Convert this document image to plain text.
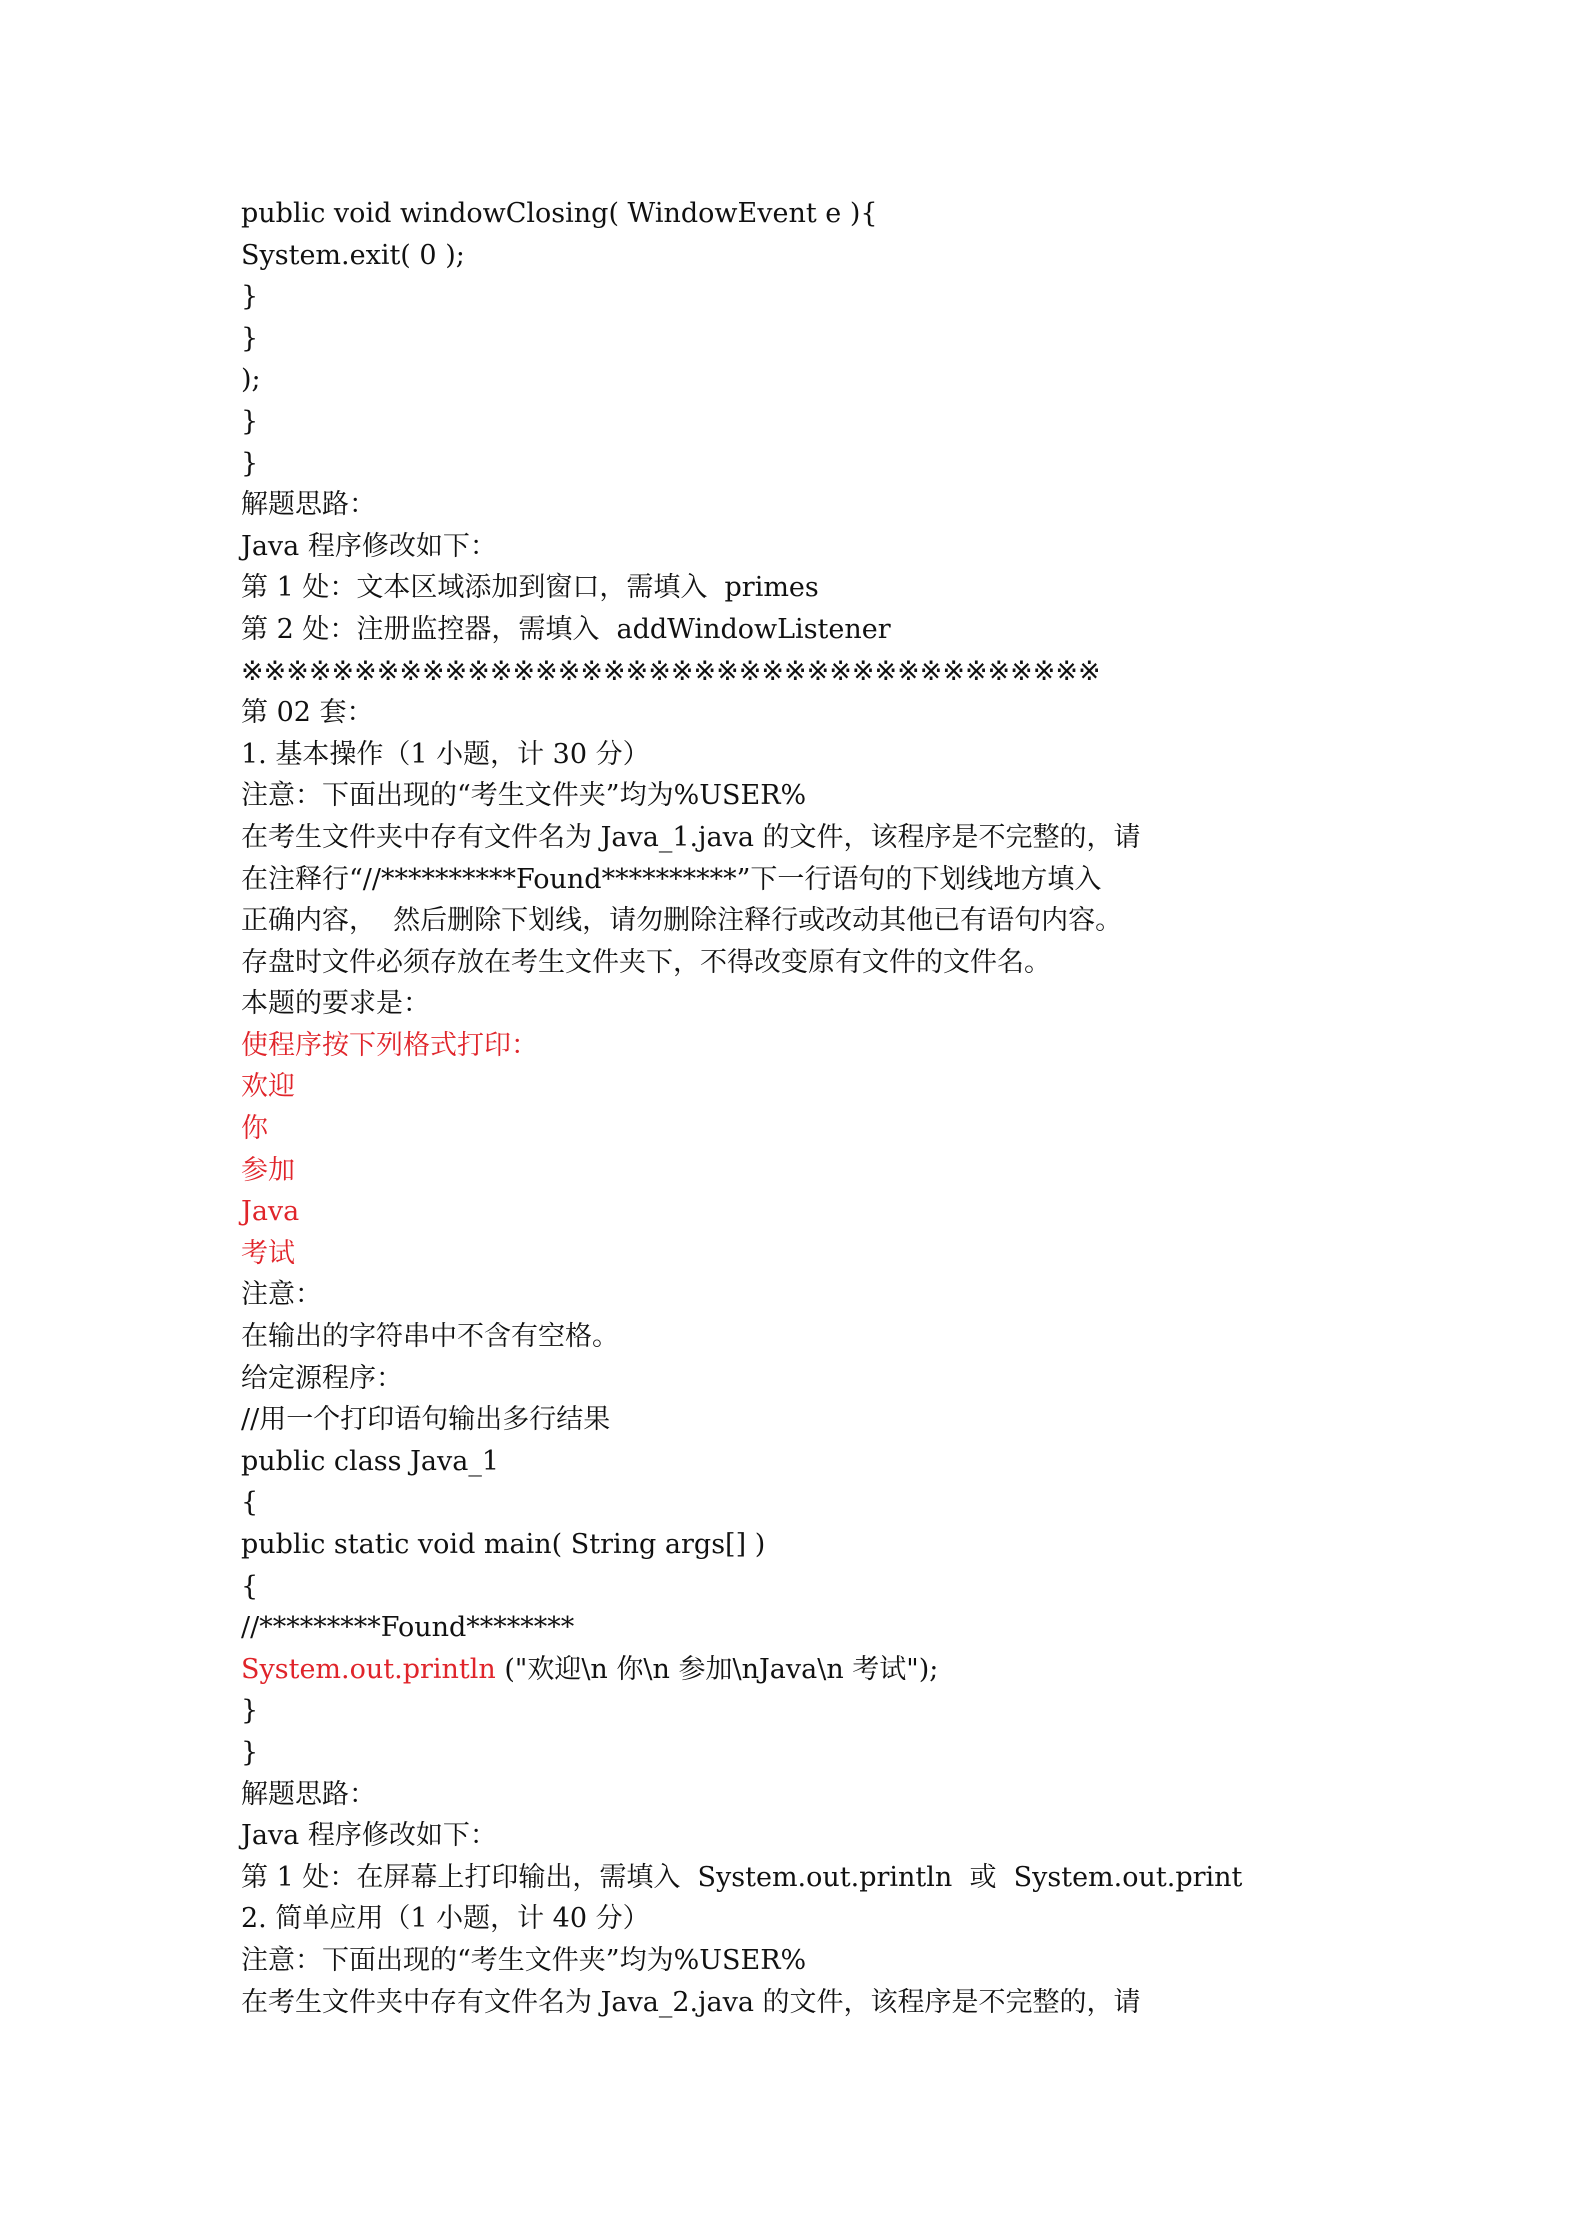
public void windowClosing( WindowEvent e ){
System.exit( 0 );
}
}
);
}
}
解题思路：
Java 程序修改如下：
第 1 处：文本区域添加到窗口，需填入  primes
第 2 处：注册监控器，需填入  addWindowListener
※※※※※※※※※※※※※※※※※※※※※※※※※※※※※※※※※※※※※※
第 02 套：
1. 基本操作（1 小题，计 30 分）
注意：下面出现的“考生文件夹”均为%USER%
在考生文件夹中存有文件名为 Java_1.java 的文件，该程序是不完整的，请
在注释行“//**********Found**********”下一行语句的下划线地方填入
正确内容，  然后删除下划线，请勿删除注释行或改动其他已有语句内容。
存盘时文件必须存放在考生文件夹下，不得改变原有文件的文件名。
本题的要求是：
使程序按下列格式打印：
欢迎
你
参加
Java
考试
注意：
在输出的字符串中不含有空格。
给定源程序：
//用一个打印语句输出多行结果
public class Java_1
{
public static void main( String args[] )
{
//*********Found********
System.out.println ("欢迎\n 你\n 参加\nJava\n 考试");
}
}
解题思路：
Java 程序修改如下：
第 1 处：在屏幕上打印输出，需填入  System.out.println  或  System.out.print
2. 简单应用（1 小题，计 40 分）
注意：下面出现的“考生文件夹”均为%USER%
在考生文件夹中存有文件名为 Java_2.java 的文件，该程序是不完整的，请
